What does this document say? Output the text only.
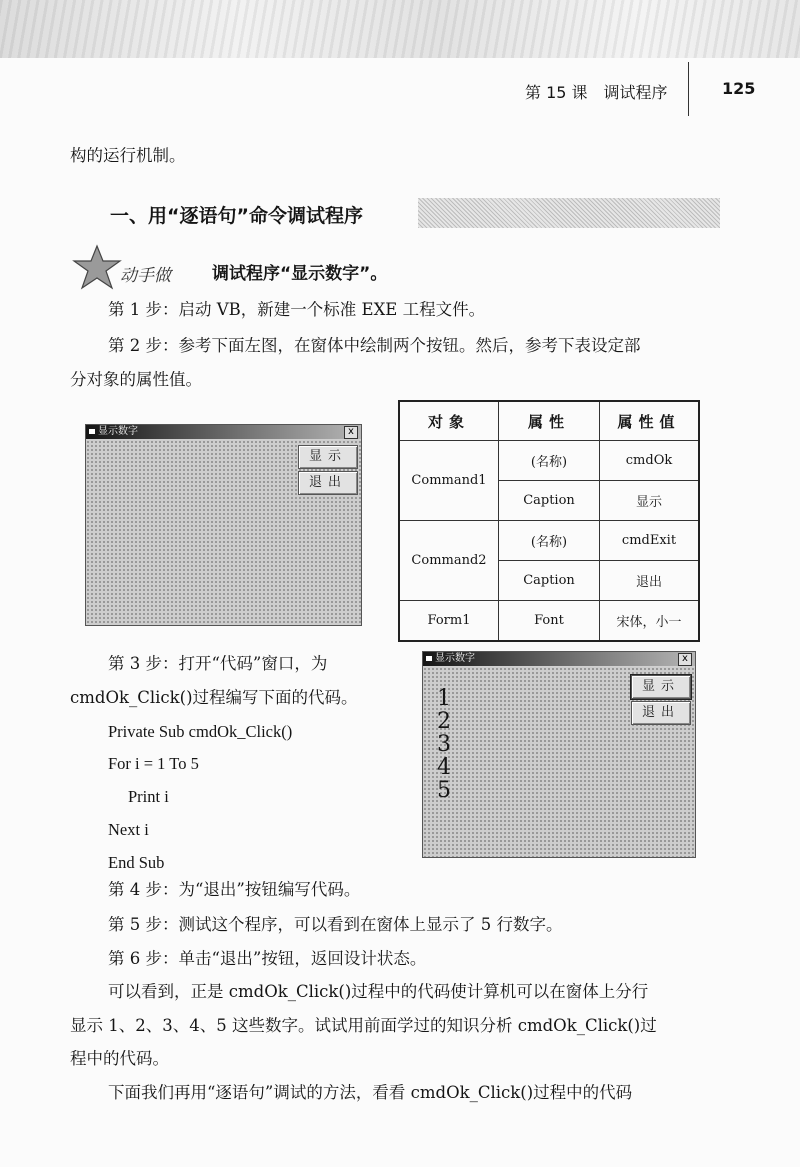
第 15 课　调试程序	125
构的运行机制。
一、用“逐语句”命令调试程序
动手做 调试程序“显示数字”。
第 1 步：启动 VB，新建一个标准 EXE 工程文件。
第 2 步：参考下面左图，在窗体中绘制两个按钮。然后，参考下表设定部
分对象的属性值。
显示数字	x
显示
退出
对象	属性	属性值
Command1	(名称)	cmdOk
	Caption	显示
Command2	(名称)	cmdExit
	Caption	退出
Form1	Font	宋体，小一
第 3 步：打开“代码”窗口，为
cmdOk_Click()过程编写下面的代码。
Private Sub cmdOk_Click()
For i = 1 To 5
Print i
Next i
End Sub
显示数字	x
1
2
3
4
5
显示
退出
第 4 步：为“退出”按钮编写代码。
第 5 步：测试这个程序，可以看到在窗体上显示了 5 行数字。
第 6 步：单击“退出”按钮，返回设计状态。
可以看到，正是 cmdOk_Click()过程中的代码使计算机可以在窗体上分行
显示 1、2、3、4、5 这些数字。试试用前面学过的知识分析 cmdOk_Click()过
程中的代码。
下面我们再用“逐语句”调试的方法，看看 cmdOk_Click()过程中的代码
